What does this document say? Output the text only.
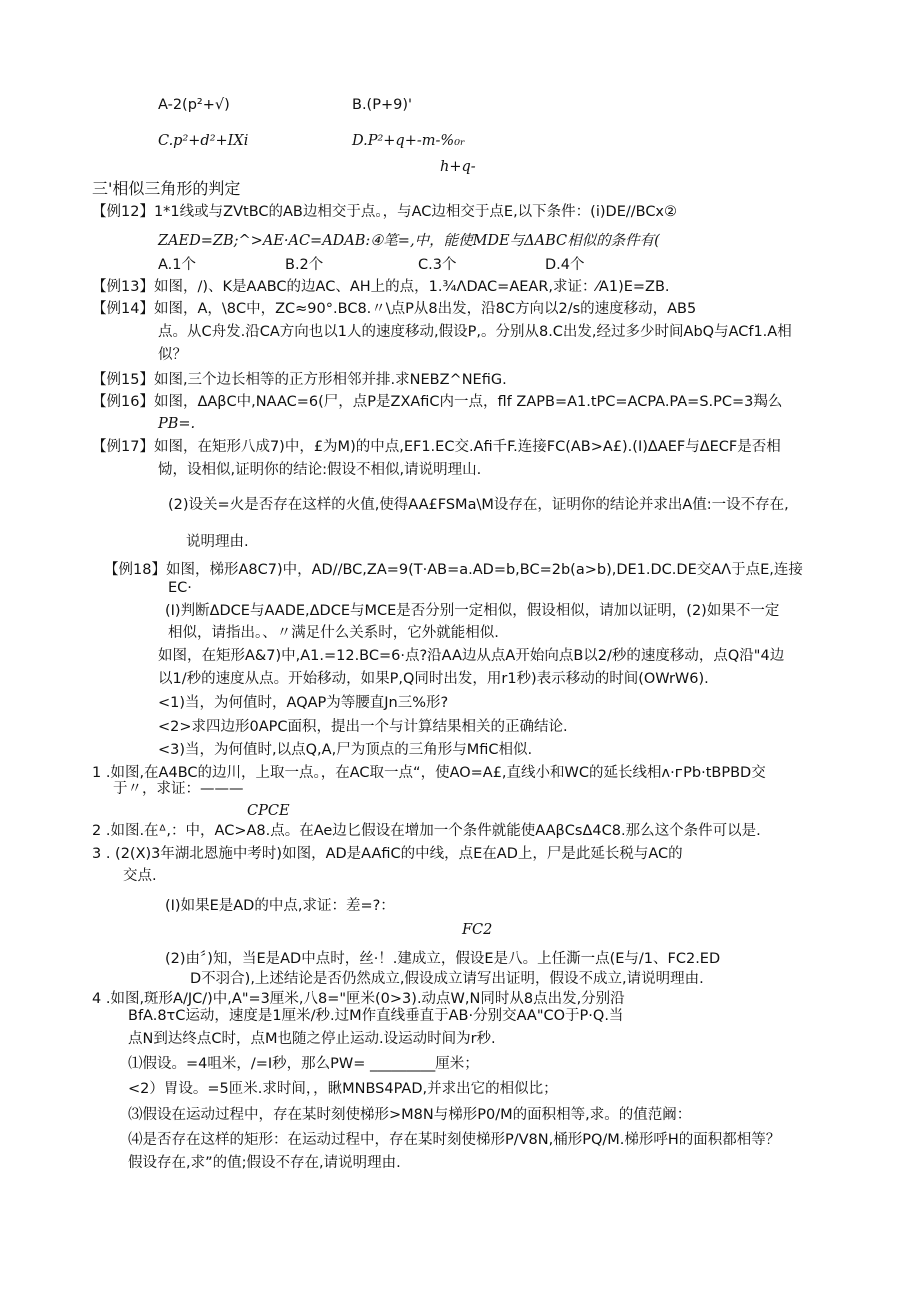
A-2(p²+√)	B.(P+9)'
C.p²+d²+IXi	D.P²+q+-т-%₀ᵣ
h+q-
三'相似三角形的判定
【例12】1*1线或与ZVtBC的AB边相交于点。，与AC边相交于点E,以下条件：(i)DE//BCx②
ZAED=ZB;^>AE·AC=ADAB:④笔=,中，能使MDE与ΔABC相似的条件有(
A.1个	B.2个	C.3个	D.4个
【例13】如图，/)、K是AABC的边AC、AH上的点，1.¾ΛDAC=AEAR,求证：⁄A1)E=ZB.
【例14】如图，A，\8C中，ZC≈90°.BC8.〃\点P从8出发，沿8C方向以2/s的速度移动，AB5
点。从C舟发.沿CA方向也以1人的速度移动,假设P,。分别从8.C出发,经过多少时间AbQ与ACf1.A相
似？
【例15】如图,三个边长相等的正方形相邻并排.求NEBZ^NEfiG.
【例16】如图，ΔAβC中,NAAC=6(尸，点P是ZXAfiC内一点，flf ZAPB=A1.tPC=ACPA.PA=S.PC=3羯么
PB=.
【例17】如图，在矩形八成7)中，£为M)的中点,EF1.EC交.Afi千F.连接FC(AB>A£).(I)ΔAEF与ΔECF是否相
恸，设相似,证明你的结论:假设不相似,请说明理山.
(2)设关=火是否存在这样的火值,使得AA£FSMa\M设存在，证明你的结论并求出A值:一设不存在,
说明理由.
【例18】如图，梯形A8C7)中，AD//BC,ZA=9(T·AB=a.AD=b,BC=2b(a>b),DE1.DC.DE交AΛ于点E,连接
EC·
(I)判断ΔDCE与AADE,ΔDCE与MCE是否分别一定相似，假设相似，请加以证明，(2)如果不一定
相似，请指出。、〃满足什么关系时，它外就能相似.
如图，在矩形A&7)中,A1.=12.BC=6·点?沿AA边从点A开始向点B以2/秒的速度移动，点Q沿"4边
以1/秒的速度从点。开始移动，如果P,Q同时出发，用r1秒)表示移动的时间(OWrW6).
<1)当，为何值时，AQAP为等腰直Jn三%形?
<2>求四边形0APC面积，提出一个与计算结果相关的正确结论.
<3)当，为何值时,以点Q,A,尸为顶点的三角形与MfiC相似.
1 .如图,在A4BC的边川，上取一点。，在AC取一点“，使AO=A£,直线小和WC的延长线相ᴧ·ᴦPb·tBPBD交
于〃，求证：———
CPCE
2 .如图.在ᐞ,：中，AC>A8.点。在Ae边匕假设在增加一个条件就能使AAβCsΔ4C8.那么这个条件可以是.
3 . (2(X)3年湖北恩施中考时)如图，AD是AAfiC的中线，点E在AD上，尸是此延长税与AC的
交点.
(I)如果E是AD的中点,求证：差=?：
FC2
(2)由〞)知，当E是AD中点时，丝·！.建成立，假设E是八。上任澌一点(E与/1、FC2.ED
D不羽合),上述结论是否仍然成立,假设成立请写出证明，假设不成立,请说明理由.
4 .如图,斑形A/JC/)中,A"=3厘米,八8="匣米(0>3).动点W,N同时从8点出发,分别沿
BfA.8τC运动，速度是1厘米/秒.过M作直线垂直于AB·分别交AA"CO于P·Q.当
点N到达终点C时，点M也随之停止运动.设运动时间为r秒.
⑴假设。=4咀米，/=I秒，那么PW= _________厘米；
<2）胃设。=5匝米.求时间，，瞅MNBS4PAD,并求出它的相似比；
⑶假设在运动过程中，存在某时刻使梯形>M8N与梯形P0/M的面积相等,求。的值范阚：
⑷是否存在这样的矩形：在运动过程中，存在某时刻使梯形P/V8N,桶形PQ/M.梯形呼H的面积都相等？
假设存在,求”的值;假设不存在,请说明理由.
